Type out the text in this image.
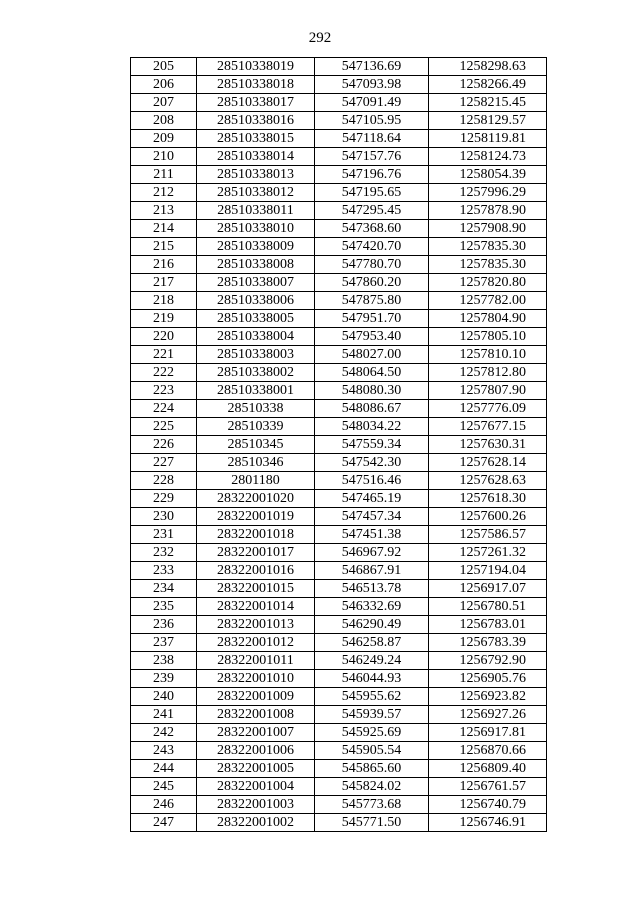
292
205	28510338019	547136.69	1258298.63
206	28510338018	547093.98	1258266.49
207	28510338017	547091.49	1258215.45
208	28510338016	547105.95	1258129.57
209	28510338015	547118.64	1258119.81
210	28510338014	547157.76	1258124.73
211	28510338013	547196.76	1258054.39
212	28510338012	547195.65	1257996.29
213	28510338011	547295.45	1257878.90
214	28510338010	547368.60	1257908.90
215	28510338009	547420.70	1257835.30
216	28510338008	547780.70	1257835.30
217	28510338007	547860.20	1257820.80
218	28510338006	547875.80	1257782.00
219	28510338005	547951.70	1257804.90
220	28510338004	547953.40	1257805.10
221	28510338003	548027.00	1257810.10
222	28510338002	548064.50	1257812.80
223	28510338001	548080.30	1257807.90
224	28510338	548086.67	1257776.09
225	28510339	548034.22	1257677.15
226	28510345	547559.34	1257630.31
227	28510346	547542.30	1257628.14
228	2801180	547516.46	1257628.63
229	28322001020	547465.19	1257618.30
230	28322001019	547457.34	1257600.26
231	28322001018	547451.38	1257586.57
232	28322001017	546967.92	1257261.32
233	28322001016	546867.91	1257194.04
234	28322001015	546513.78	1256917.07
235	28322001014	546332.69	1256780.51
236	28322001013	546290.49	1256783.01
237	28322001012	546258.87	1256783.39
238	28322001011	546249.24	1256792.90
239	28322001010	546044.93	1256905.76
240	28322001009	545955.62	1256923.82
241	28322001008	545939.57	1256927.26
242	28322001007	545925.69	1256917.81
243	28322001006	545905.54	1256870.66
244	28322001005	545865.60	1256809.40
245	28322001004	545824.02	1256761.57
246	28322001003	545773.68	1256740.79
247	28322001002	545771.50	1256746.91
